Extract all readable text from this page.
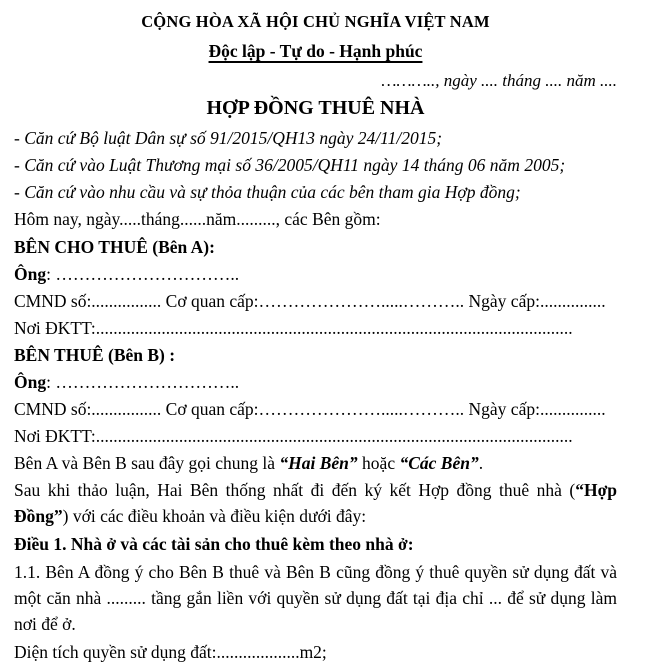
CỘNG HÒA XÃ HỘI CHỦ NGHĨA VIỆT NAM

Độc lập - Tự do - Hạnh phúc

……….., ngày .... tháng .... năm ....

HỢP ĐỒNG THUÊ NHÀ

- Căn cứ Bộ luật Dân sự số 91/2015/QH13 ngày 24/11/2015;

- Căn cứ vào Luật Thương mại số 36/2005/QH11 ngày 14 tháng 06 năm 2005;

- Căn cứ vào nhu cầu và sự thỏa thuận của các bên tham gia Hợp đồng;

Hôm nay, ngày.....tháng......năm........., các Bên gồm:

BÊN CHO THUÊ (Bên A):

Ông: …………………………..

CMND số:................ Cơ quan cấp:………………….....……….. Ngày cấp:...............

Nơi ĐKTT:.............................................................................................................

BÊN THUÊ (Bên B) :

Ông: …………………………..

CMND số:................ Cơ quan cấp:………………….....……….. Ngày cấp:...............

Nơi ĐKTT:.............................................................................................................

Bên A và Bên B sau đây gọi chung là “Hai Bên” hoặc “Các Bên”.

Sau khi thảo luận, Hai Bên thống nhất đi đến ký kết Hợp đồng thuê nhà (“Hợp Đồng”) với các điều khoản và điều kiện dưới đây:

Điều 1. Nhà ở và các tài sản cho thuê kèm theo nhà ở:

1.1. Bên A đồng ý cho Bên B thuê và Bên B cũng đồng ý thuê quyền sử dụng đất và một căn nhà ......... tầng gắn liền với quyền sử dụng đất tại địa chỉ ... để sử dụng làm nơi để ở.

Diện tích quyền sử dụng đất:...................m2;
